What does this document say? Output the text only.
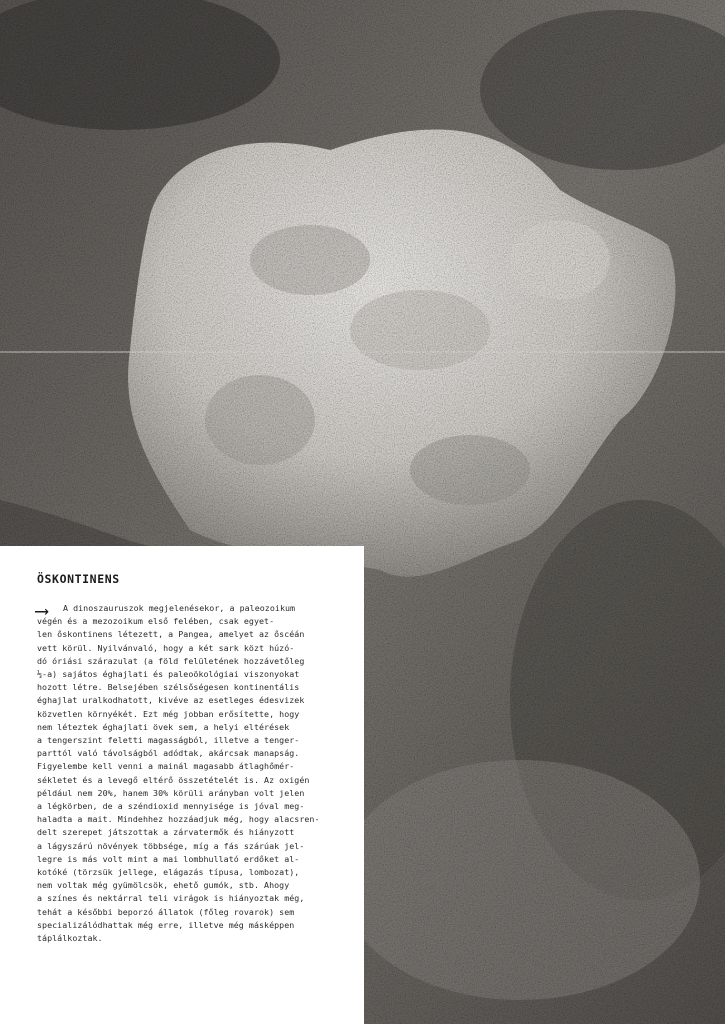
ÖSKONTINENS
⟶	A dinoszauruszok megjelenésekor, a paleozoikum
végén és a mezozoikum első felében, csak egyet-
len őskontinens létezett, a Pangea, amelyet az őscéán
vett körül. Nyilvánvaló, hogy a két sark közt húzó-
dó óriási szárazulat (a föld felületének hozzávetőleg
⅓-a) sajátos éghajlati és paleoökológiai viszonyokat
hozott létre. Belsejében szélsőségesen kontinentális
éghajlat uralkodhatott, kivéve az esetleges édesvizek
közvetlen környékét. Ezt még jobban erősítette, hogy
nem léteztek éghajlati övek sem, a helyi eltérések
a tengerszint feletti magasságból, illetve a tenger-
parttól való távolságból adódtak, akárcsak manapság.
Figyelembe kell venni a mainál magasabb átlaghőmér-
sékletet és a levegő eltérő összetételét is. Az oxigén
például nem 20%, hanem 30% körüli arányban volt jelen
a légkörben, de a széndioxid mennyisége is jóval meg-
haladta a mait. Mindehhez hozzáadjuk még, hogy alacsren-
delt szerepet játszottak a zárvatermők és hiányzott
a lágyszárú növények többsége, míg a fás szárúak jel-
legre is más volt mint a mai lombhullató erdőket al-
kotóké (törzsük jellege, elágazás típusa, lombozat),
nem voltak még gyümölcsök, ehető gumók, stb. Ahogy
a színes és nektárral teli virágok is hiányoztak még,
tehát a későbbi beporzó állatok (főleg rovarok) sem
specializálódhattak még erre, illetve még másképpen
táplálkoztak.
